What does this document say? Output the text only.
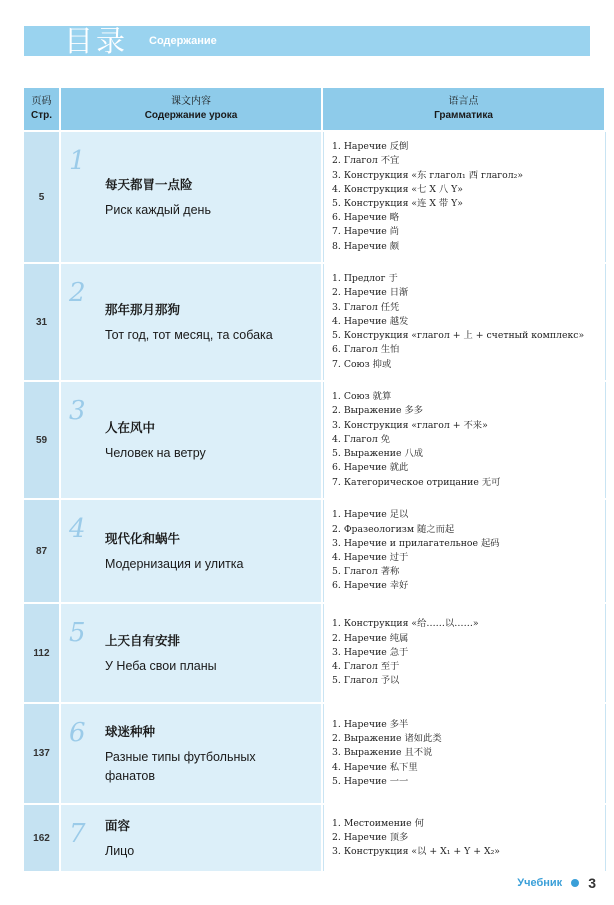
目录 Содержание
页码
Стр.
课文内容
Содержание урока
语言点
Грамматика
5
1
每天都冒一点险
Риск каждый день
1. Наречие 反倒
2. Глагол 不宜
3. Конструкция «东 глагол₁ 西 глагол₂»
4. Конструкция «七 X 八 Y»
5. Конструкция «连 X 带 Y»
6. Наречие 略
7. Наречие 尚
8. Наречие 颇
31
2
那年那月那狗
Тот год, тот месяц, та собака
1. Предлог 于
2. Наречие 日渐
3. Глагол 任凭
4. Наречие 越发
5. Конструкция «глагол + 上 + счетный комплекс»
6. Глагол 生怕
7. Союз 抑或
59
3
人在风中
Человек на ветру
1. Союз 就算
2. Выражение 多多
3. Конструкция «глагол + 不来»
4. Глагол 免
5. Выражение 八成
6. Наречие 就此
7. Категорическое отрицание 无可
87
4 现代化和蜗牛
Модернизация и улитка
1. Наречие 足以
2. Фразеологизм 随之而起
3. Наречие и прилагательное 起码
4. Наречие 过于
5. Глагол 著称
6. Наречие 幸好
112
5 上天自有安排
У Неба свои планы
1. Конструкция «给……以……»
2. Наречие 纯属
3. Наречие 急于
4. Глагол 至于
5. Глагол 予以
137
6 球迷种种
Разные типы футбольных фанатов
1. Наречие 多半
2. Выражение 诸如此类
3. Выражение 且不说
4. Наречие 私下里
5. Наречие 一一
162 7 面容
Лицо
1. Местоимение 何
2. Наречие 顶多
3. Конструкция «以 + X₁ + Y + X₂»
Учебник 3
